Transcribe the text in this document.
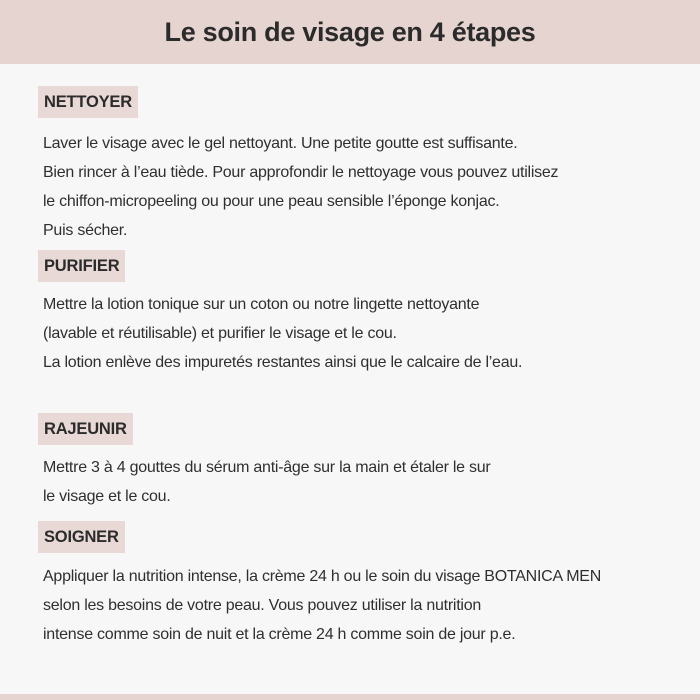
Le soin de visage en 4 étapes
NETTOYER
Laver le visage avec le gel nettoyant. Une petite goutte est suffisante.
Bien rincer à l’eau tiède. Pour approfondir le nettoyage vous pouvez utilisez
le chiffon-micropeeling ou pour une peau sensible l’éponge konjac.
Puis sécher.
PURIFIER
Mettre la lotion tonique sur un coton ou notre lingette nettoyante
(lavable et réutilisable) et purifier le visage et le cou.
La lotion enlève des impuretés restantes ainsi que le calcaire de l’eau.
RAJEUNIR
Mettre 3 à 4 gouttes du sérum anti-âge sur la main et étaler le sur
le visage et le cou.
SOIGNER
Appliquer la nutrition intense, la crème 24 h ou le soin du visage BOTANICA MEN
selon les besoins de votre peau. Vous pouvez utiliser la nutrition
intense comme soin de nuit et la crème 24 h comme soin de jour p.e.
